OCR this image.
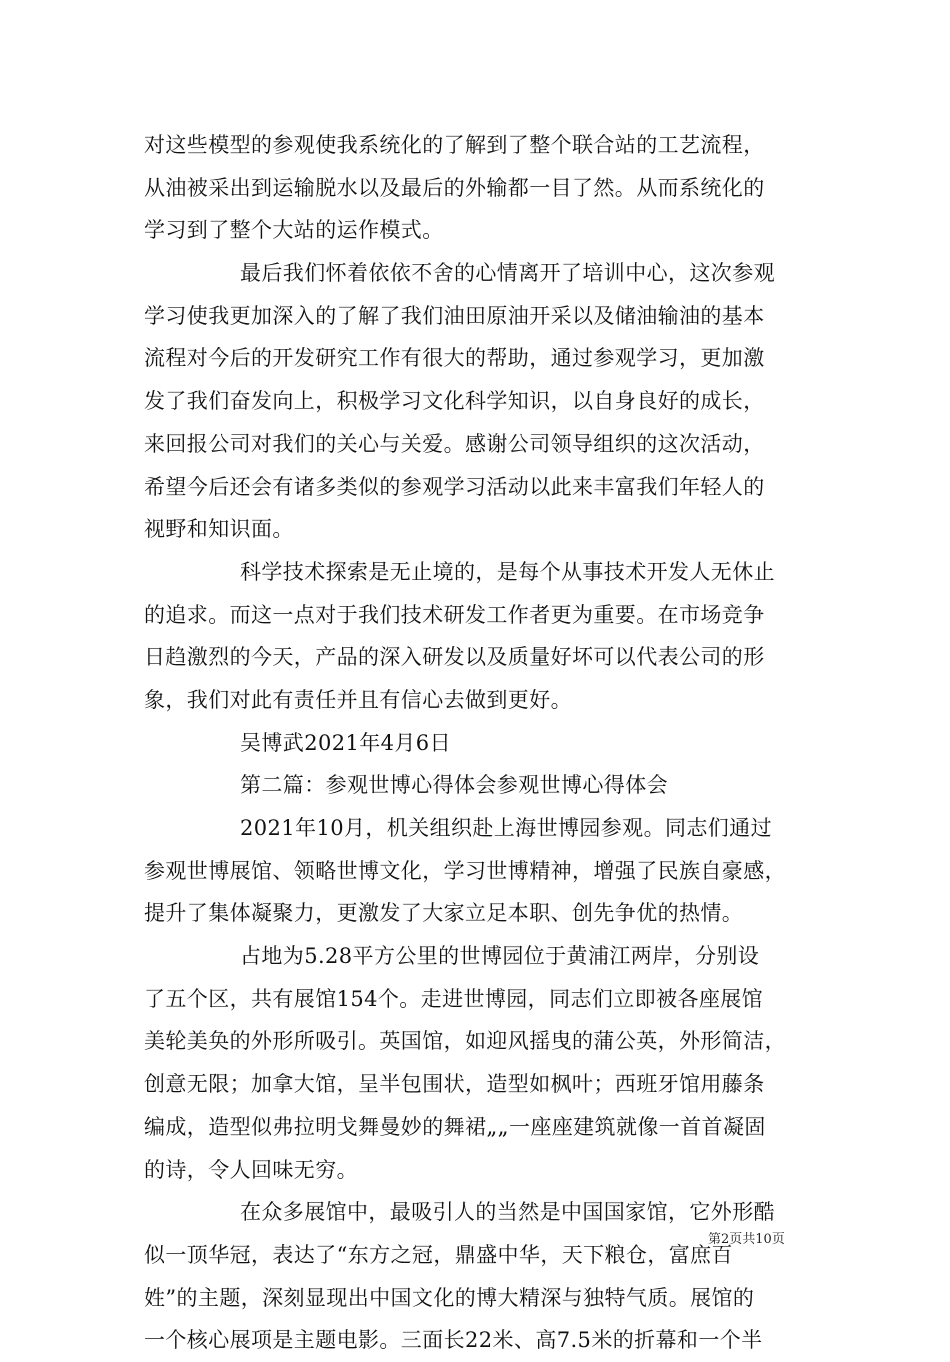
对这些模型的参观使我系统化的了解到了整个联合站的工艺流程，
从油被采出到运输脱水以及最后的外输都一目了然。从而系统化的
学习到了整个大站的运作模式。
最后我们怀着依依不舍的心情离开了培训中心，这次参观
学习使我更加深入的了解了我们油田原油开采以及储油输油的基本
流程对今后的开发研究工作有很大的帮助，通过参观学习，更加激
发了我们奋发向上，积极学习文化科学知识，以自身良好的成长，
来回报公司对我们的关心与关爱。感谢公司领导组织的这次活动，
希望今后还会有诸多类似的参观学习活动以此来丰富我们年轻人的
视野和知识面。
科学技术探索是无止境的，是每个从事技术开发人无休止
的追求。而这一点对于我们技术研发工作者更为重要。在市场竞争
日趋激烈的今天，产品的深入研发以及质量好坏可以代表公司的形
象，我们对此有责任并且有信心去做到更好。
吴博武2021年4月6日
第二篇：参观世博心得体会参观世博心得体会
2021年10月，机关组织赴上海世博园参观。同志们通过
参观世博展馆、领略世博文化，学习世博精神，增强了民族自豪感，
提升了集体凝聚力，更激发了大家立足本职、创先争优的热情。
占地为5.28平方公里的世博园位于黄浦江两岸，分别设
了五个区，共有展馆154个。走进世博园，同志们立即被各座展馆
美轮美奂的外形所吸引。英国馆，如迎风摇曳的蒲公英，外形简洁，
创意无限；加拿大馆，呈半包围状，造型如枫叶；西班牙馆用藤条
编成，造型似弗拉明戈舞曼妙的舞裙„„一座座建筑就像一首首凝固
的诗，令人回味无穷。
在众多展馆中，最吸引人的当然是中国国家馆，它外形酷
似一顶华冠，表达了“东方之冠，鼎盛中华，天下粮仓，富庶百
姓”的主题，深刻显现出中国文化的博大精深与独特气质。展馆的
一个核心展项是主题电影。三面长22米、高7.5米的折幕和一个半
第2页共10页
